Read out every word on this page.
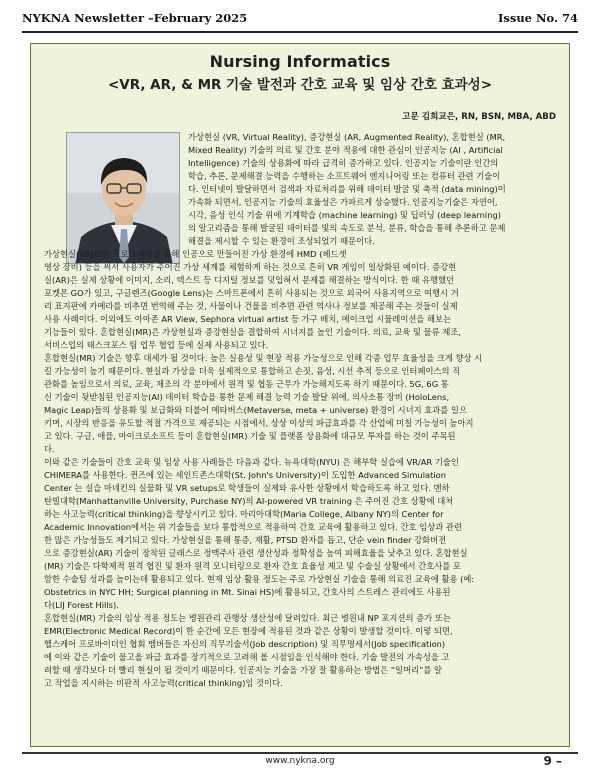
NYKNA Newsletter –February 2025	Issue No. 74
Nursing Informatics
<VR, AR, & MR 기술 발전과 간호 교육 및 임상 간호 효과성>
고문 김희교은, RN, BSN, MBA, ABD
가상현실 (VR, Virtual Reality), 증강현실 (AR, Augmented Reality), 혼합현실 (MR,
Mixed Reality) 기술의 의료 및 간호 분야 적용에 대한 관심이 인공지능 (AI , Artificial
Intelligence) 기술의 상용화에 따라 급격히 증가하고 있다. 인공지능 기술이란 인간의
학습, 추론, 문제해결 능력을 수행하는 소프트웨어 엔지니어링 또는 컴퓨터 관련 기술이
다. 인터넷이 발달하면서 검색과 자료처리를 위해 데이터 발굴 및 축적 (data mining)이
가속화 되면서, 인공지능 기술의 효율성은 가파르게 상승했다. 인공지능기술은 자연어,
시각, 음성 인식 기술 위에 기계학습 (machine learning) 및 딥러닝 (deep learning)
의 알고리즘을 통해 발굴된 데이터를 빛의 속도로 분석, 분류, 학습을 통해 추론하고 문제
해결을 제시할 수 있는 환경이 조성되었기 때문이다.
가상현실(VR)이란 프로그래밍을 통해 인공으로 만들어진 가상 환경에 HMD (헤드셋
영상 장비) 등을 써서 사용자가 주어진 가상 세계를 체험하게 하는 것으로 흔히 VR 게임이 일상화된 예이다. 증강현
실(AR)은 실제 상황에 이미지, 소리, 텍스트 등 디지털 정보를 덧입혀서 문제를 해결하는 방식이다. 한 때 유행했던
포켓몬 GO가 있고, 구글렌즈(Google Lens)는 스마트폰에서 흔히 사용되는 것으로 외국어 사용지역으로 여행시 거
리 표지판에 카메라를 비추면 번역해 주는 것, 사물이나 건물을 비추면 관련 역사나 정보를 제공해 주는 것들이 실제
사용 사례이다. 이외에도 아마존 AR View, Sephora virtual artist 등 가구 배치, 메이크업 시뮬레이션을 해보는
기능들이 있다. 혼합현실(MR)은 가상현실과 증강현실을 결합하여 시너지를 높인 기술이다. 의료, 교육 및 물류 제조,
서비스업의 태스크포스 팀 업무 협업 등에 실제 사용되고 있다.
혼합현실(MR) 기술은 향후 대세가 될 것이다. 높은 실용성 및 현장 적용 가능성으로 인해 각종 업무 효율성을 크게 향상 시
킬 가능성이 높기 때문이다. 현실과 가상을 더욱 실제적으로 통합하고 손짓, 음성, 시선 추적 등으로 인터페이스의 직
관화를 높임으로서 의료, 교육, 제조의 각 분야에서 원격 및 협동 근무가 가능해지도록 하기 때문이다. 5G, 6G 통
신 기술이 뒷받침된 인공지능(AI) 데이터 학습을 통한 문제 해결 능력 기술 발달 위에, 의사소통 장비 (HoloLens,
Magic Leap)들의 상용화 및 보급화와 더불어 메타버스(Metaverse, meta + universe) 환경이 시너지 효과를 일으
키며, 시장의 반응을 유도할 적절 가격으로 제공되는 시점에서, 상상 이상의 파급효과를 각 산업에 미칠 가능성이 높아지
고 있다. 구글, 애플, 마이크로소프트 등이 혼합현실(MR) 기술 및 플랫폼 상용화에 대규모 투자를 하는 것이 주목된
다.
이와 같은 기술들이 간호 교육 및 임상 사용 사례들은 다음과 같다. 뉴욕대학(NYU) 은 해부학 실습에 VR/AR 기술인
CHIMERA를 사용한다. 퀸즈에 있는 세인트존스대학(St. John's University)이 도입한 Advanced Simulation
Center 는 실습 마네킨의 실물화 및 VR setups로 학생들이 실제와 유사한 상황에서 학습하도록 하고 있다. 맨하
탄빌대학(Manhattanville University, Purchase NY)의 AI-powered VR training 은 주어진 간호 상황에 대처
하는 사고능력(critical thinking)을 향상시키고 있다. 마리아대학(Maria College, Albany NY)의 Center for
Academic Innovation에서는 위 기술들을 보다 통합적으로 적용하여 간호 교육에 활용하고 있다. 간호 임상과 관련
한 많은 가능성들도 제기되고 있다. 가상현실을 통해 통증, 재활, PTSD 환자를 돕고, 단순 vein finder 강화버전
으로 증강현실(AR) 기술이 장착된 글래스로 정맥주사 관련 생산성과 정확성을 높여 피해효율을 낮추고 있다. 혼합현실
(MR) 기술은 다학제적 원격 협진 및 환자 원격 모니터링으로 환자 간호 효율성 제고 및 수술실 상황에서 간호사를 포
함한 수술팀 성과를 높이는데 활용되고 있다. 현재 임상 활용 정도는 주로 가상현실 기술을 통해 의료진 교육에 활용 (예:
Obstetrics in NYC HH; Surgical planning in Mt. Sinai HS)에 활용되고, 간호사의 스트레스 관리에도 사용된
다(LIJ Forest Hills).
혼합현실(MR) 기술의 임상 적용 정도는 병원관리 관행상 생산성에 달려있다. 최근 병원내 NP 포지션의 증가 또는
EMR(Electronic Medical Record)이 한 순간에 모든 현장에 적용된 것과 같은 상황이 발생할 것이다. 이렇 되면,
헬스케어 프로바이더인 협회 멤버들은 자신의 직무기술서(Job description) 및 직무명세서(Job specification)
에 이와 같은 기술이 물고올 파급 효과를 장기적으로 고려해 볼 시점임을 인식해야 한다. 기술 발전의 가속성을 고
려할 때 생각보다 더 빨리 현실이 될 것이기 때문이다. 인공지능 기술을 가장 잘 활용하는 방법은 “일머리”를 알
고 작업을 지시하는 비판적 사고능력(critical thinking)임 것이다.
www.nykna.org	9 –
